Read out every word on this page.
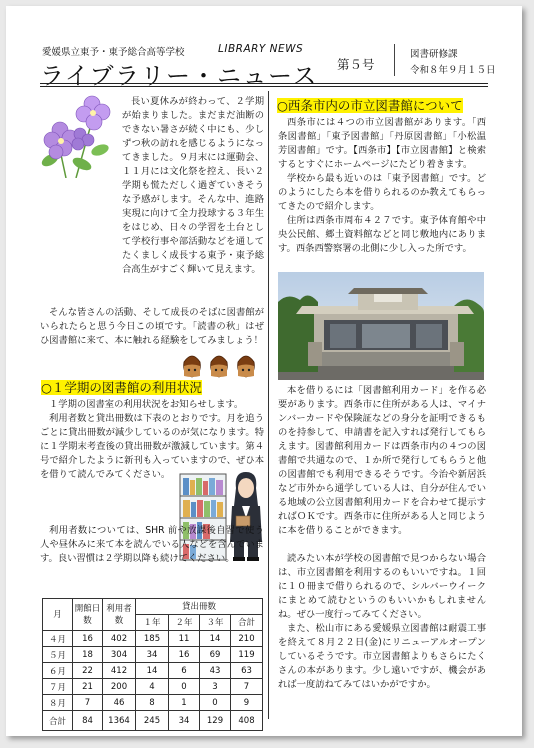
愛媛県立東予・東予総合高等学校	LIBRARY NEWS
ライブラリー・ニュース 第５号
図書研修課
令和８年９月１５日

長い夏休みが終わって、２学期が始まりました。まだまだ油断のできない暑さが続く中にも、少しずつ秋の訪れを感じるようになってきました。９月末には運動会、１１月には文化祭を控え、長い２学期も慌ただしく過ぎていきそうな予感がします。そんな中、進路実現に向けて全力投球する３年生をはじめ、日々の学習を土台として学校行事や部活動などを通してたくましく成長する東予・東予総合高生がすごく輝いて見えます。

そんな皆さんの活動、そして成長のそばに図書館がいられたらと思う今日この頃です。「読書の秋」はぜひ図書館に来て、本に触れる経験をしてみましょう！

○１学期の図書館の利用状況

１学期の図書室の利用状況をお知らせします。

利用者数と貸出冊数は下表のとおりです。月を追うごとに貸出冊数が減少しているのが気になります。特に１学期末考査後の貸出冊数が激減しています。第４号で紹介したように新刊も入っていますので、ぜひ本を借りて読んでみてください。

利用者数については、SHR 前や放課後自習で使う人や昼休みに来て本を読んでいる人などを含んでいます。良い習慣は２学期以降も続けてください。

月	開館日数	利用者数	貸出冊数			
			１年	２年	３年	合計
４月	16	402	185	11	14	210
５月	18	304	34	16	69	119
６月	22	412	14	6	43	63
７月	21	200	4	0	3	7
８月	7	46	8	1	0	9
合計	84	1364	245	34	129	408
○西条市内の市立図書館について

西条市には４つの市立図書館があります。「西条図書館」「東予図書館」「丹原図書館」「小松温芳図書館」です。【西条市】【市立図書館】と検索するとすぐにホームページにたどり着きます。

学校から最も近いのは「東予図書館」です。どのようにしたら本を借りられるのか教えてもらってきたので紹介します。

住所は西条市周布４２７です。東予体育館や中央公民館、郷土資料館などと同じ敷地内にあります。西条西警察署の北側に少し入った所です。

本を借りるには「図書館利用カード」を作る必要があります。西条市に住所がある人は、マイナンバーカードや保険証などの身分を証明できるものを持参して、申請書を記入すれば発行してもらえます。図書館利用カードは西条市内の４つの図書館で共通なので、１か所で発行してもらうと他の図書館でも利用できるそうです。今治や新居浜など市外から通学している人は、自分が住んでいる地域の公立図書館利用カードを合わせて提示すればＯＫです。西条市に住所がある人と同じように本を借りることができます。

読みたい本が学校の図書館で見つからない場合は、市立図書館を利用するのもいいですね。１回に１０冊まで借りられるので、シルバーウイークにまとめて読むというのもいいかもしれませんね。ぜひ一度行ってみてください。

また、松山市にある愛媛県立図書館は耐震工事を終えて８月２２日(金)にリニューアルオープンしているそうです。市立図書館よりもさらにたくさんの本があります。少し遠いですが、機会があれば一度訪ねてみてはいかがですか。
